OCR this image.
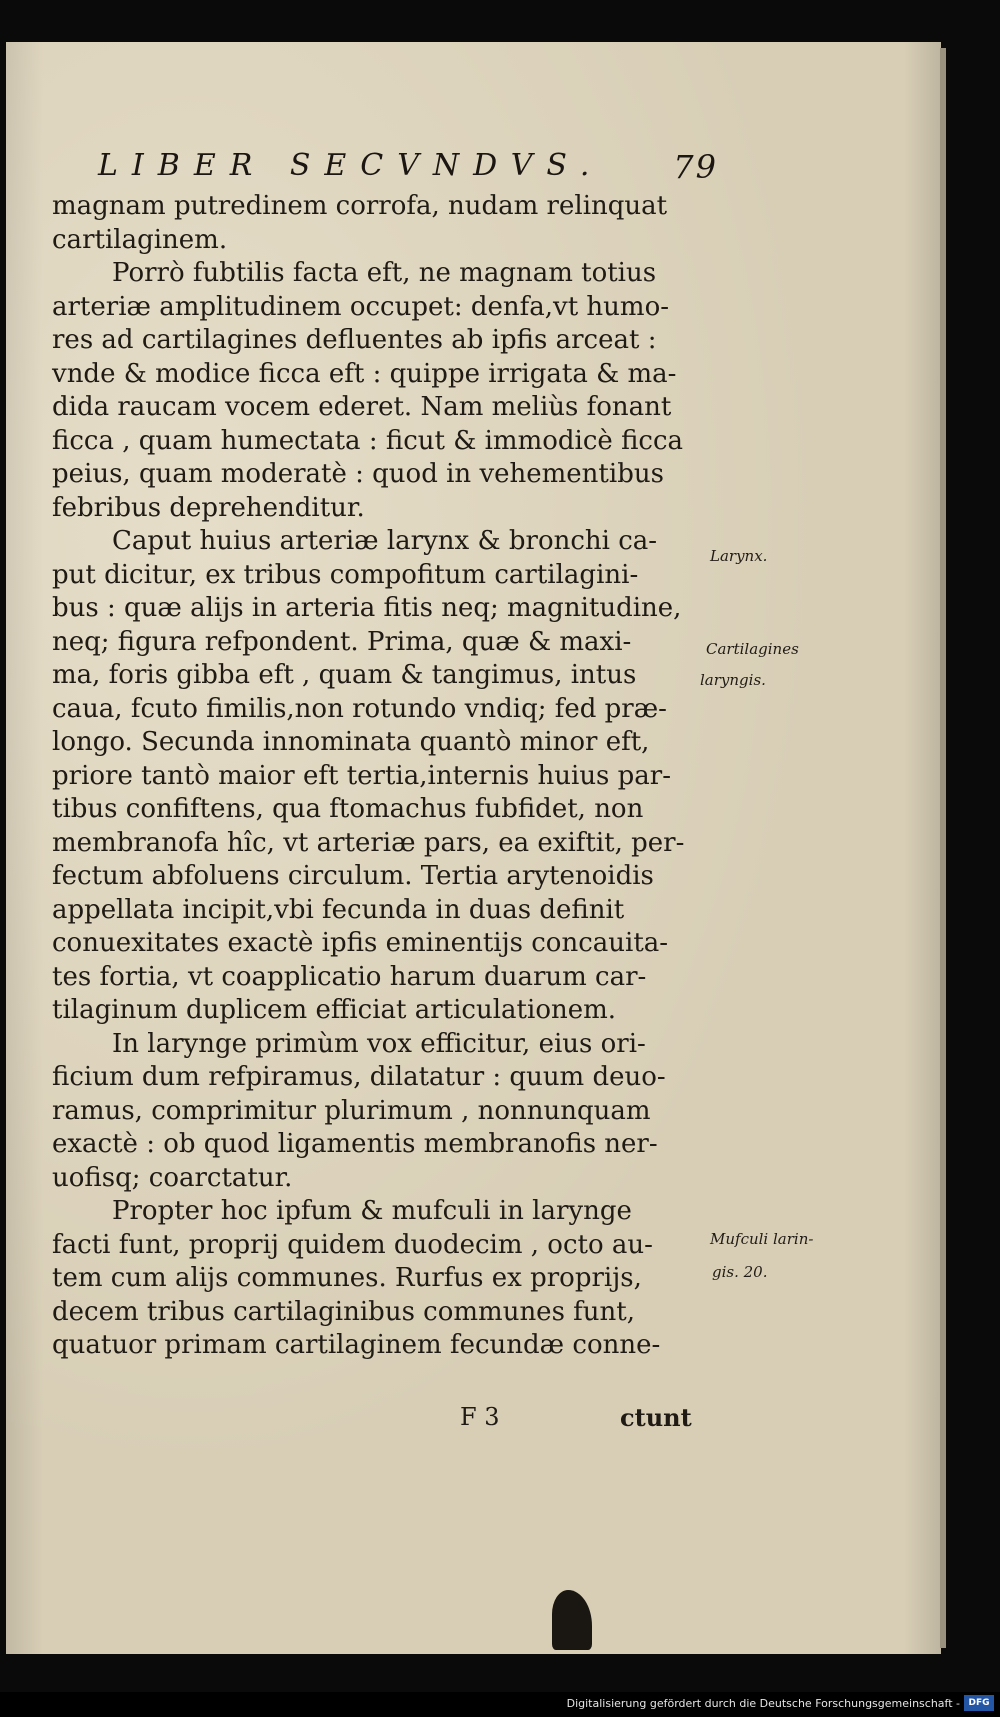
LIBER SECVNDVS. 79
magnam putredinem corrofa, nudam relinquat
cartilaginem.
Porrò fubtilis facta eft, ne magnam totius
arteriæ amplitudinem occupet: denfa,vt humo-
res ad cartilagines defluentes ab ipfis arceat :
vnde & modice ficca eft : quippe irrigata & ma-
dida raucam vocem ederet. Nam meliùs fonant
ficca , quam humectata : ficut & immodicè ficca
peius, quam moderatè : quod in vehementibus
febribus deprehenditur.
Caput huius arteriæ larynx & bronchi ca-
put dicitur, ex tribus compofitum cartilagini-
bus : quæ alijs in arteria fitis neq; magnitudine,
neq; figura refpondent. Prima, quæ & maxi-
ma, foris gibba eft , quam & tangimus, intus
caua, fcuto fimilis,non rotundo vndiq; fed præ-
longo. Secunda innominata quantò minor eft,
priore tantò maior eft tertia,internis huius par-
tibus confiftens, qua ftomachus fubfidet, non
membranofa hîc, vt arteriæ pars, ea exiftit, per-
fectum abfoluens circulum. Tertia arytenoidis
appellata incipit,vbi fecunda in duas definit
conuexitates exactè ipfis eminentijs concauita-
tes fortia, vt coapplicatio harum duarum car-
tilaginum duplicem efficiat articulationem.
In larynge primùm vox efficitur, eius ori-
ficium dum refpiramus, dilatatur : quum deuo-
ramus, comprimitur plurimum , nonnunquam
exactè : ob quod ligamentis membranofis ner-
uofisq; coarctatur.
Propter hoc ipfum & mufculi in larynge
facti funt, proprij quidem duodecim , octo au-
tem cum alijs communes. Rurfus ex proprijs,
decem tribus cartilaginibus communes funt,
quatuor primam cartilaginem fecundæ conne-
Larynx.
Cartilagines
laryngis.
Mufculi larin-
gis. 20.
F 3	ctunt
Digitalisierung gefördert durch die Deutsche Forschungsgemeinschaft - DFG
